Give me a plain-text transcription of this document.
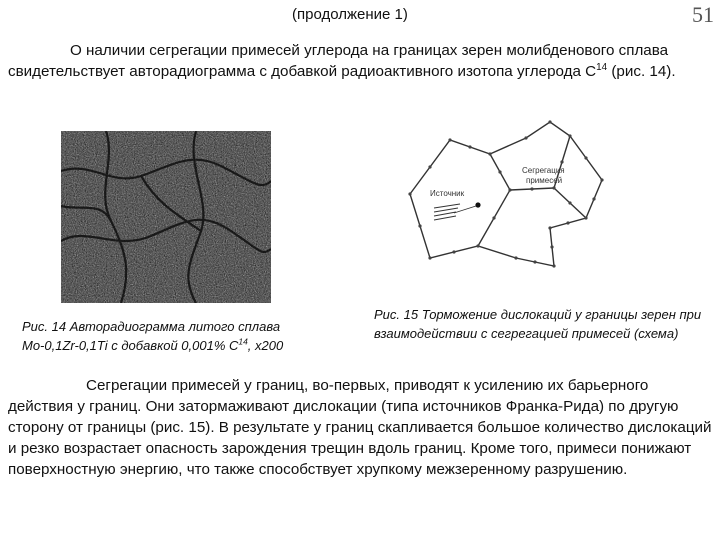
(продолжение 1)	51
О наличии сегрегации примесей углерода на границах зерен молибденового сплава свидетельствует авторадиограмма с добавкой радиоактивного изотопа углерода $С^{14}$ (рис. 14).
Рис. 14 Авторадиограмма литого сплава
Мо-0,1Zr-0,1Ti с добавкой 0,001% $С^{14}$, х200
Источник
Сегрегация
примесей
Рис. 15 Торможение дислокаций у границы зерен при взаимодействии с сегрегацией примесей (схема)
Сегрегации примесей у границ, во-первых, приводят к усилению их барьерного действия у границ. Они затормаживают дислокации (типа источников Франка-Рида) по другую сторону от границы (рис. 15). В результате у границ скапливается большое количество дислокаций и резко возрастает опасность зарождения трещин вдоль границ. Кроме того, примеси понижают поверхностную энергию, что также способствует хрупкому межзеренному разрушению.
